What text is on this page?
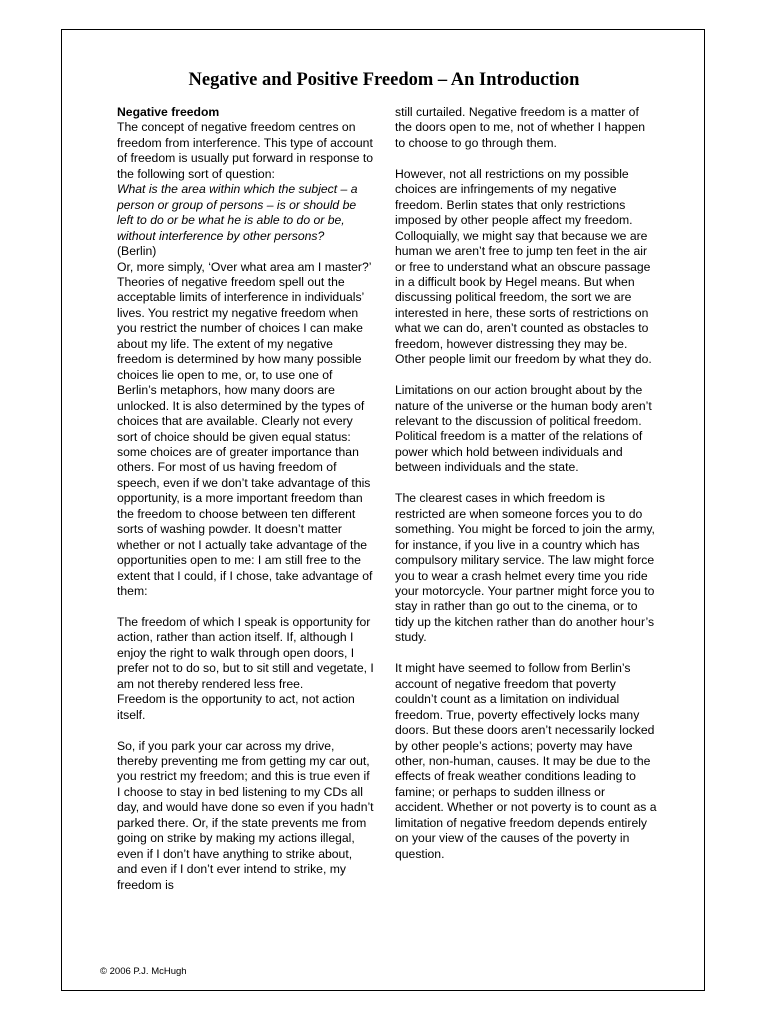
Negative and Positive Freedom – An Introduction

Negative freedom

The concept of negative freedom centres on freedom from interference. This type of account of freedom is usually put forward in response to the following sort of question:

What is the area within which the subject – a person or group of persons – is or should be left to do or be what he is able to do or be, without interference by other persons?

(Berlin)

Or, more simply, ‘Over what area am I master?’ Theories of negative freedom spell out the acceptable limits of interference in individuals’ lives. You restrict my negative freedom when you restrict the number of choices I can make about my life. The extent of my negative freedom is determined by how many possible choices lie open to me, or, to use one of Berlin’s metaphors, how many doors are unlocked. It is also determined by the types of choices that are available. Clearly not every sort of choice should be given equal status: some choices are of greater importance than others. For most of us having freedom of speech, even if we don’t take advantage of this opportunity, is a more important freedom than the freedom to choose between ten different sorts of washing powder. It doesn’t matter whether or not I actually take advantage of the opportunities open to me: I am still free to the extent that I could, if I chose, take advantage of them:

The freedom of which I speak is opportunity for action, rather than action itself. If, although I enjoy the right to walk through open doors, I prefer not to do so, but to sit still and vegetate, I am not thereby rendered less free.

Freedom is the opportunity to act, not action itself.

So, if you park your car across my drive, thereby preventing me from getting my car out, you restrict my freedom; and this is true even if I choose to stay in bed listening to my CDs all day, and would have done so even if you hadn’t parked there. Or, if the state prevents me from going on strike by making my actions illegal, even if I don’t have anything to strike about, and even if I don’t ever intend to strike, my freedom is

still curtailed. Negative freedom is a matter of the doors open to me, not of whether I happen to choose to go through them.

However, not all restrictions on my possible choices are infringements of my negative freedom. Berlin states that only restrictions imposed by other people affect my freedom. Colloquially, we might say that because we are human we aren’t free to jump ten feet in the air or free to understand what an obscure passage in a difficult book by Hegel means. But when discussing political freedom, the sort we are interested in here, these sorts of restrictions on what we can do, aren’t counted as obstacles to freedom, however distressing they may be. Other people limit our freedom by what they do.

Limitations on our action brought about by the nature of the universe or the human body aren’t relevant to the discussion of political freedom. Political freedom is a matter of the relations of power which hold between individuals and between individuals and the state.

The clearest cases in which freedom is restricted are when someone forces you to do something. You might be forced to join the army, for instance, if you live in a country which has compulsory military service. The law might force you to wear a crash helmet every time you ride your motorcycle. Your partner might force you to stay in rather than go out to the cinema, or to tidy up the kitchen rather than do another hour’s study.

It might have seemed to follow from Berlin’s account of negative freedom that poverty couldn’t count as a limitation on individual freedom. True, poverty effectively locks many doors. But these doors aren’t necessarily locked by other people’s actions; poverty may have other, non-human, causes. It may be due to the effects of freak weather conditions leading to famine; or perhaps to sudden illness or accident. Whether or not poverty is to count as a limitation of negative freedom depends entirely on your view of the causes of the poverty in question.

© 2006 P.J. McHugh
